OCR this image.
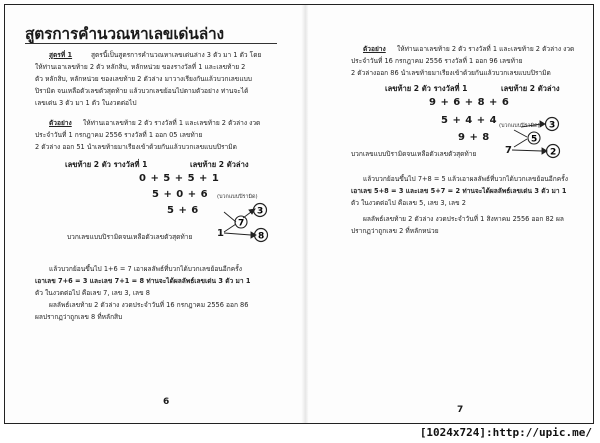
สูตรการคำนวณหาเลขเด่นล่าง
สูตรที่ 1	สูตรนี้เป็นสูตรการคำนวณหาเลขเด่นล่าง 3 ตัว มา 1 ตัว โดย
ให้ท่านเอาเลขท้าย 2 ตัว หลักสิบ, หลักหน่วย ของรางวัลที่ 1 และเลขท้าย 2
ตัว หลักสิบ, หลักหน่วย ของเลขท้าย 2 ตัวล่าง มาวางเรียงกันแล้วบวกเลขแบบ
ปิรามิด จนเหลือตัวเลขตัวสุดท้าย แล้วบวกเลขย้อนไปตามตัวอย่าง ท่านจะได้
เลขเด่น 3 ตัว มา 1 ตัว ในงวดต่อไป
ตัวอย่าง ให้ท่านเอาเลขท้าย 2 ตัว รางวัลที่ 1 และเลขท้าย 2 ตัวล่าง งวด
ประจำวันที่ 1 กรกฎาคม 2556 รางวัลที่ 1 ออก 05 เลขท้าย
2 ตัวล่าง ออก 51 นำเลขท้ายมาเรียงเข้าด้วยกันแล้วบวกเลขแบบปิรามิด
เลขท้าย 2 ตัว รางวัลที่ 1	เลขท้าย 2 ตัวล่าง
0 + 5 + 5 + 1
5 + 0 + 6 (บวกแบบปิรามิด)
5 + 6
บวกเลขแบบปิรามิดจนเหลือตัวเลขตัวสุดท้าย 1
3
7
8
แล้วบวกย้อนขึ้นไป 1+6 = 7 เอาผลลัพธ์ที่บวกได้บวกเลขย้อนอีกครั้ง
เอาเลข 7+6 = 3 และเลข 7+1 = 8 ท่านจะได้ผลลัพธ์เลขเด่น 3 ตัว มา 1
ตัว ในงวดต่อไป คือเลข 7, เลข 3, เลข 8
ผลลัพธ์เลขท้าย 2 ตัวล่าง งวดประจำวันที่ 16 กรกฎาคม 2556 ออก 86
ผลปรากฏว่าถูกเลข 8 ที่หลักสิบ
6
ตัวอย่าง ให้ท่านเอาเลขท้าย 2 ตัว รางวัลที่ 1 และเลขท้าย 2 ตัวล่าง งวด
ประจำวันที่ 16 กรกฎาคม 2556 รางวัลที่ 1 ออก 96 เลขท้าย
2 ตัวล่างออก 86 นำเลขท้ายมาเรียงเข้าด้วยกันแล้วบวกเลขแบบปิรามิด
เลขท้าย 2 ตัว รางวัลที่ 1	เลขท้าย 2 ตัวล่าง
9 + 6 + 8 + 6
5 + 4 + 4 (บวกแบบปิรามิด)
9 + 8
บวกเลขแบบปิรามิดจนเหลือตัวเลขตัวสุดท้าย	7
3
5
2
แล้วบวกย้อนขึ้นไป 7+8 = 5 แล้วเอาผลลัพธ์ที่บวกได้บวกเลขย้อนอีกครั้ง
เอาเลข 5+8 = 3 และเลข 5+7 = 2 ท่านจะได้ผลลัพธ์เลขเด่น 3 ตัว มา 1
ตัว ในงวดต่อไป คือเลข 5, เลข 3, เลข 2
ผลลัพธ์เลขท้าย 2 ตัวล่าง งวดประจำวันที่ 1 สิงหาคม 2556 ออก 82 ผล
ปรากฏว่าถูกเลข 2 ที่หลักหน่วย
7
[1024x724]:http://upic.me/
